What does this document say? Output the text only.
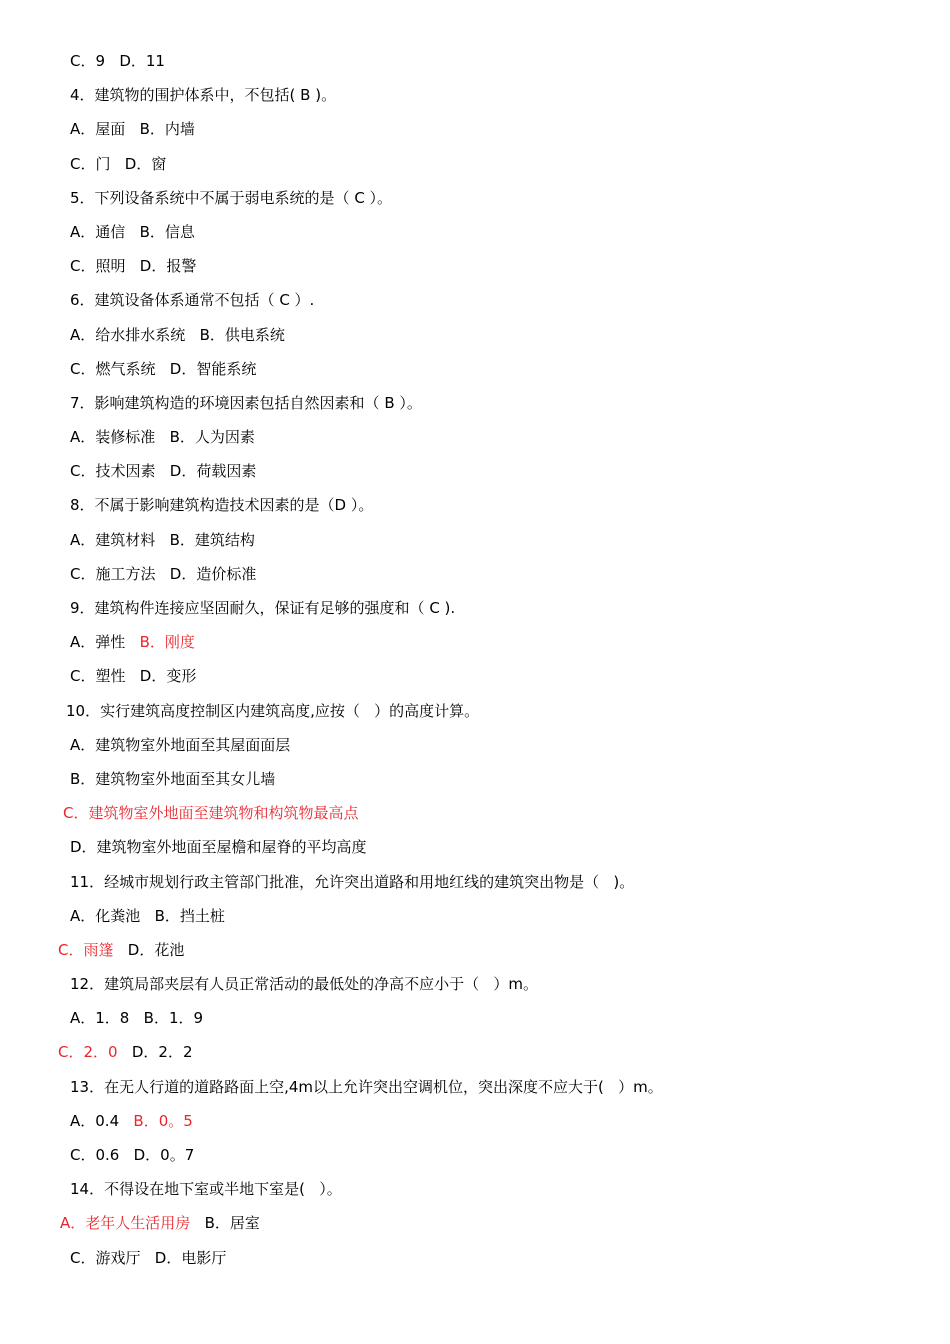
C．9   D．11
4．建筑物的围护体系中，不包括( B )。
A．屋面   B．内墙
C．门   D．窗
5．下列设备系统中不属于弱电系统的是（ C ）。
A．通信   B．信息
C．照明   D．报警
6．建筑设备体系通常不包括（ C ）.
A．给水排水系统   B．供电系统
C．燃气系统   D．智能系统
7．影响建筑构造的环境因素包括自然因素和（ B ）。
A．装修标准   B．人为因素
C．技术因素   D．荷载因素
8．不属于影响建筑构造技术因素的是（D ）。
A．建筑材料   B．建筑结构
C．施工方法   D．造价标准
9．建筑构件连接应坚固耐久，保证有足够的强度和（ C ).
A．弹性   B．刚度
C．塑性   D．变形
10．实行建筑高度控制区内建筑高度,应按（   ）的高度计算。
A．建筑物室外地面至其屋面面层
B．建筑物室外地面至其女儿墙
C．建筑物室外地面至建筑物和构筑物最高点
D．建筑物室外地面至屋檐和屋脊的平均高度
11．经城市规划行政主管部门批准，允许突出道路和用地红线的建筑突出物是（   )。
A．化粪池   B．挡土桩
C．雨篷   D．花池
12．建筑局部夹层有人员正常活动的最低处的净高不应小于（   ）m。
A．1．8   B．1．9
C．2．0   D．2．2
13．在无人行道的道路路面上空,4m以上允许突出空调机位，突出深度不应大于(   ）m。
A．0.4   B．0。5
C．0.6   D．0。7
14．不得设在地下室或半地下室是(   ）。
A．老年人生活用房   B．居室
C．游戏厅   D．电影厅
